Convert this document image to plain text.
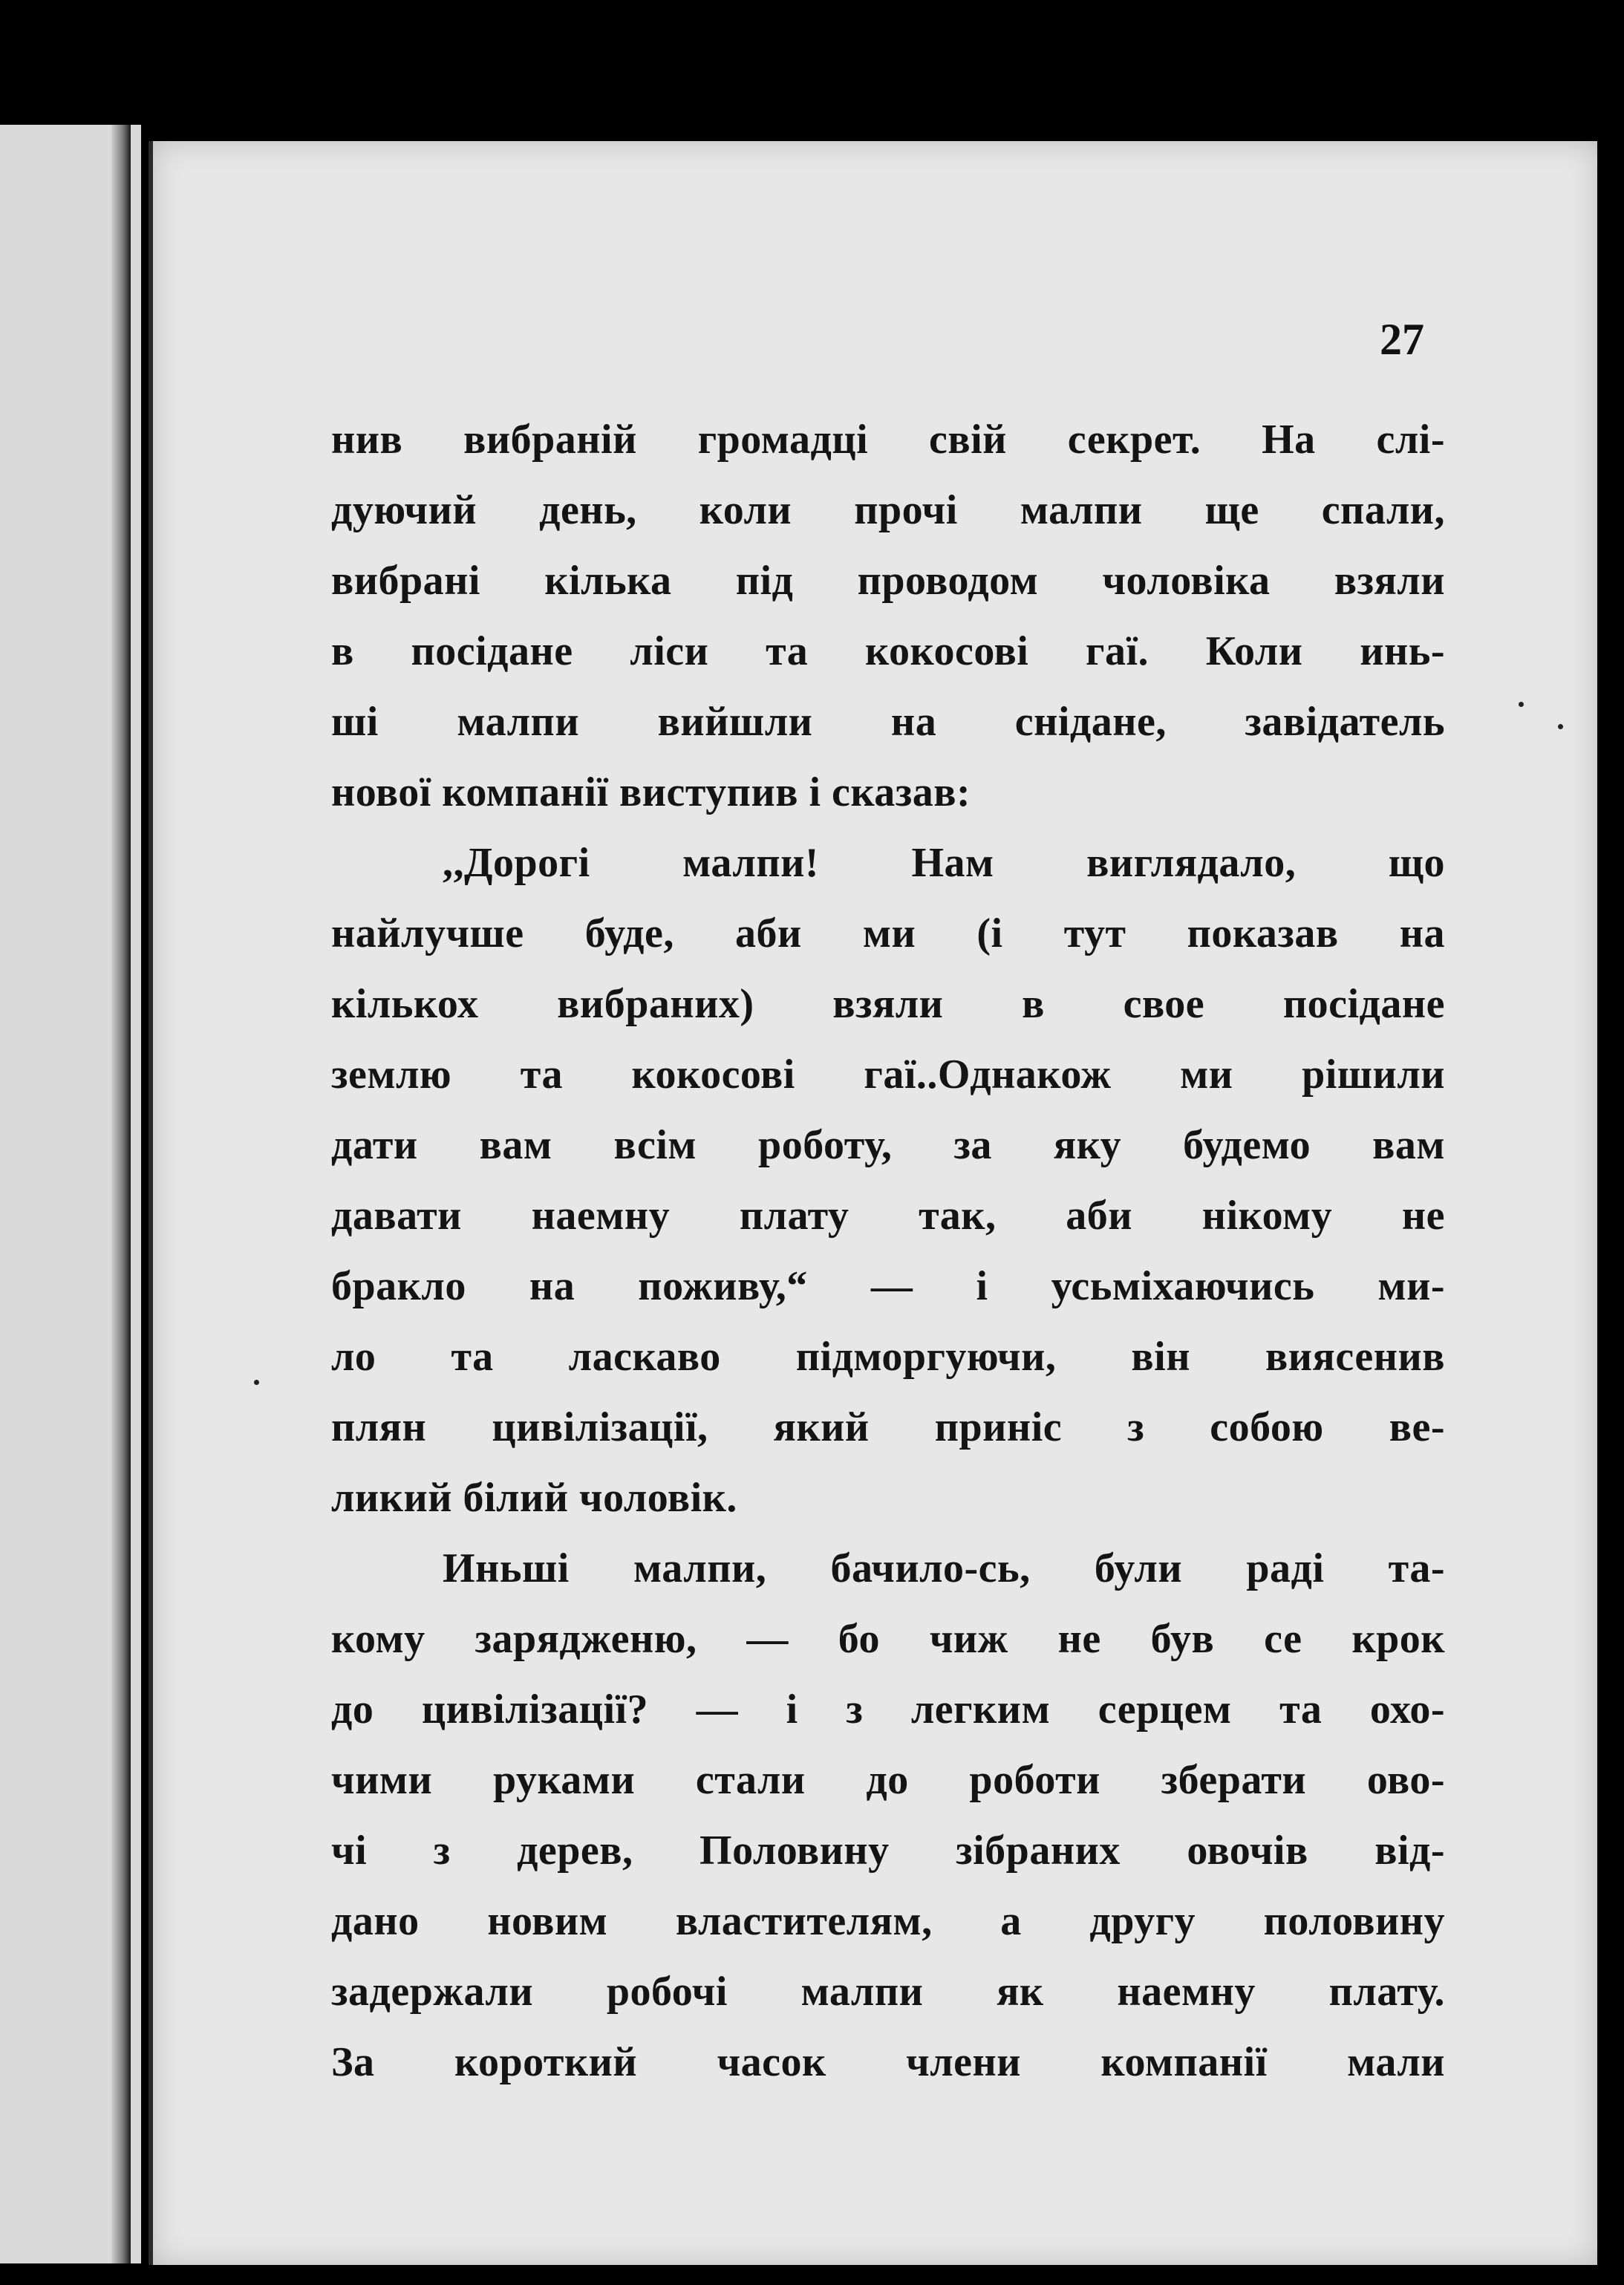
27
нив вибраній громадці свій секрет. На слі-
дуючий день, коли прочі малпи ще спали,
вибрані кілька під проводом чоловіка взяли
в посідане ліси та кокосові гаї. Коли инь-
ші малпи вийшли на снідане, завідатель
нової компанії виступив і сказав:
,,Дорогі малпи! Нам виглядало, що
найлучше буде, аби ми (і тут показав на
кількох вибраних) взяли в свое посідане
землю та кокосові гаї..Однакож ми рішили
дати вам всім роботу, за яку будемо вам
давати наемну плату так, аби нікому не
бракло на поживу,“ — і усьміхаючись ми-
ло та ласкаво підморгуючи, він виясенив
плян цивілізації, який приніс з собою ве-
ликий білий чоловік.
Иньші малпи, бачило-сь, були раді та-
кому зарядженю, — бо чиж не був се крок
до цивілізації? — і з легким серцем та охо-
чими руками стали до роботи зберати ово-
чі з дерев, Половину зібраних овочів від-
дано новим властителям, а другу половину
задержали робочі малпи як наемну плату.
За короткий часок члени компанії мали
